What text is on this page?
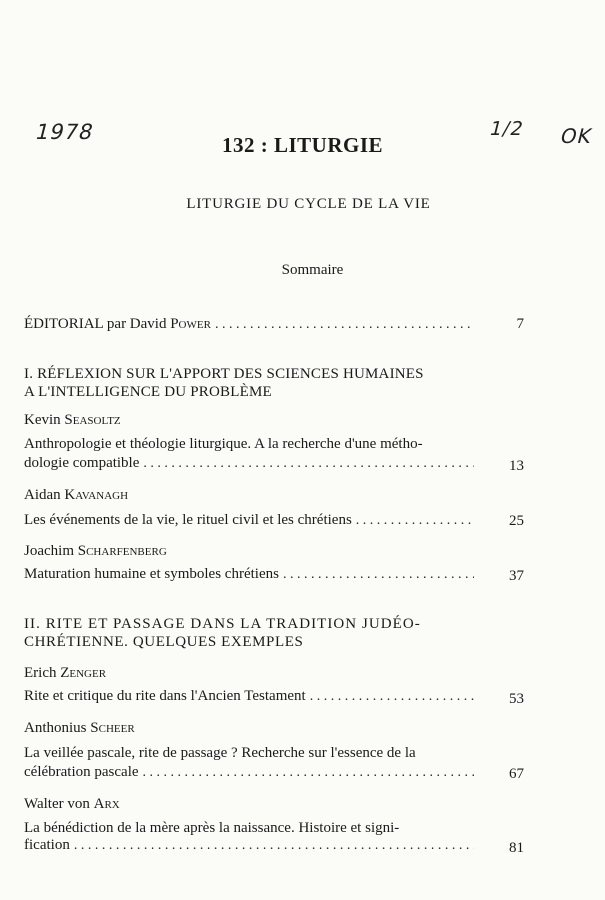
1978	1/2 OK
132 : LITURGIE
LITURGIE DU CYCLE DE LA VIE
Sommaire
ÉDITORIAL par David Power . . .	7
I. RÉFLEXION SUR L'APPORT DES SCIENCES HUMAINES
A L'INTELLIGENCE DU PROBLÈME
Kevin Seasoltz
Anthropologie et théologie liturgique. A la recherche d'une métho-
dologie compatible . . .	13
Aidan Kavanagh
Les événements de la vie, le rituel civil et les chrétiens . . .	25
Joachim Scharfenberg
Maturation humaine et symboles chrétiens . . .	37
II. RITE ET PASSAGE DANS LA TRADITION JUDÉO-
CHRÉTIENNE. QUELQUES EXEMPLES
Erich Zenger
Rite et critique du rite dans l'Ancien Testament . . .	53
Anthonius Scheer
La veillée pascale, rite de passage ? Recherche sur l'essence de la
célébration pascale . . .	67
Walter von Arx
La bénédiction de la mère après la naissance. Histoire et signi-
fication . . .	81
